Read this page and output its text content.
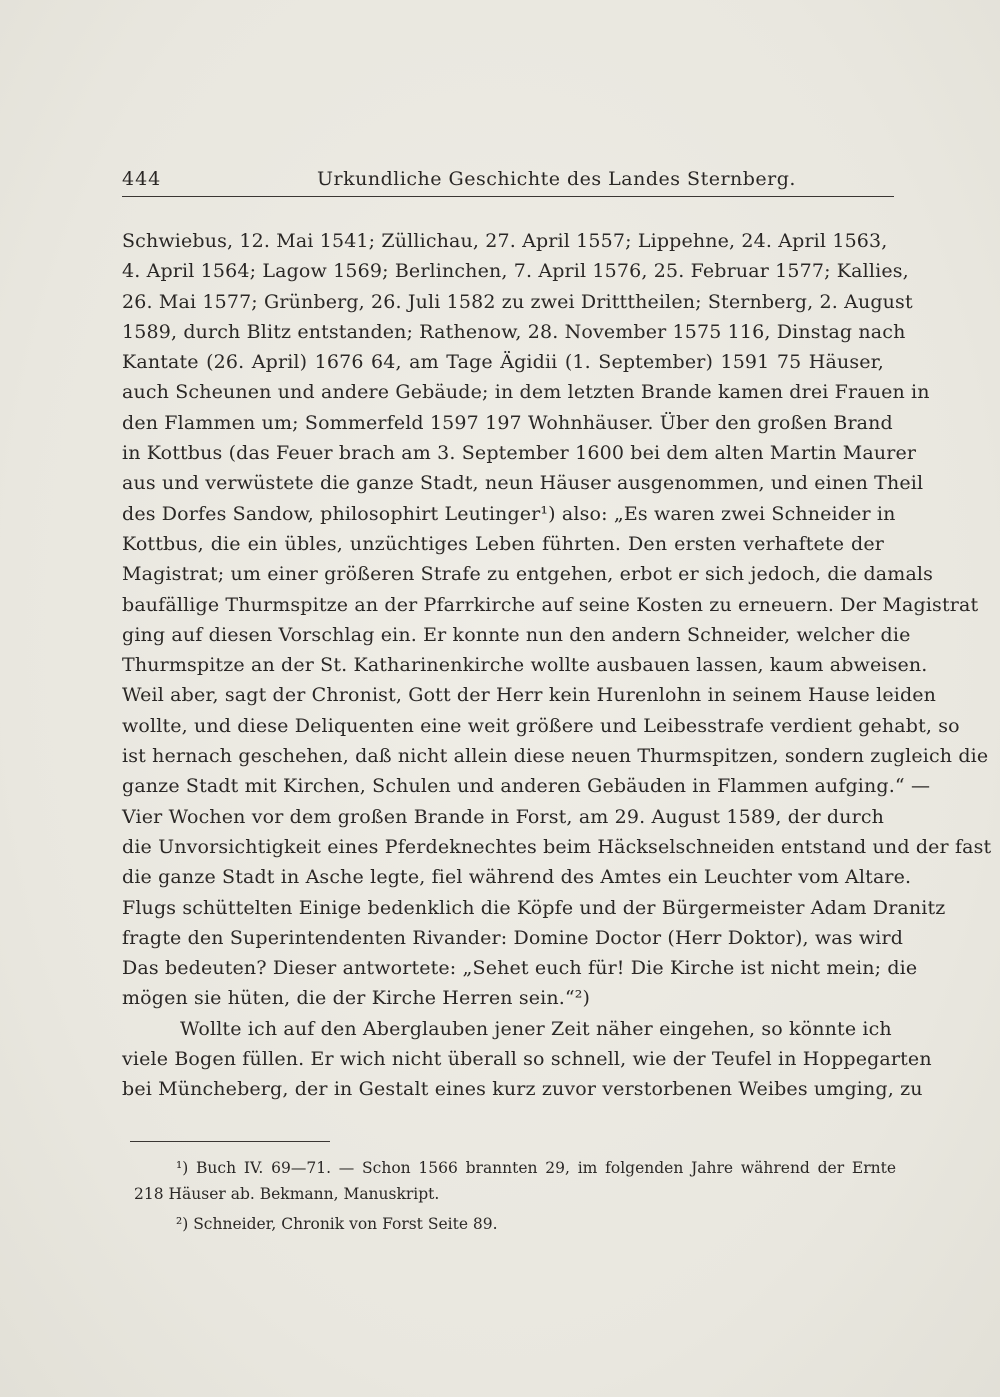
444	Urkundliche Geschichte des Landes Sternberg.
Schwiebus, 12. Mai 1541; Züllichau, 27. April 1557; Lippehne, 24. April 1563,
4. April 1564; Lagow 1569; Berlinchen, 7. April 1576, 25. Februar 1577; Kallies,
26. Mai 1577; Grünberg, 26. Juli 1582 zu zwei Dritttheilen; Sternberg, 2. August
1589, durch Blitz entstanden; Rathenow, 28. November 1575 116, Dinstag nach
Kantate (26. April) 1676 64, am Tage Ägidii (1. September) 1591 75 Häuser,
auch Scheunen und andere Gebäude; in dem letzten Brande kamen drei Frauen in
den Flammen um; Sommerfeld 1597 197 Wohnhäuser. Über den großen Brand
in Kottbus (das Feuer brach am 3. September 1600 bei dem alten Martin Maurer
aus und verwüstete die ganze Stadt, neun Häuser ausgenommen, und einen Theil
des Dorfes Sandow, philosophirt Leutinger¹) also: „Es waren zwei Schneider in
Kottbus, die ein übles, unzüchtiges Leben führten. Den ersten verhaftete der
Magistrat; um einer größeren Strafe zu entgehen, erbot er sich jedoch, die damals
baufällige Thurmspitze an der Pfarrkirche auf seine Kosten zu erneuern. Der Magistrat
ging auf diesen Vorschlag ein. Er konnte nun den andern Schneider, welcher die
Thurmspitze an der St. Katharinenkirche wollte ausbauen lassen, kaum abweisen.
Weil aber, sagt der Chronist, Gott der Herr kein Hurenlohn in seinem Hause leiden
wollte, und diese Deliquenten eine weit größere und Leibesstrafe verdient gehabt, so
ist hernach geschehen, daß nicht allein diese neuen Thurmspitzen, sondern zugleich die
ganze Stadt mit Kirchen, Schulen und anderen Gebäuden in Flammen aufging.“ —
Vier Wochen vor dem großen Brande in Forst, am 29. August 1589, der durch
die Unvorsichtigkeit eines Pferdeknechtes beim Häckselschneiden entstand und der fast
die ganze Stadt in Asche legte, fiel während des Amtes ein Leuchter vom Altare.
Flugs schüttelten Einige bedenklich die Köpfe und der Bürgermeister Adam Dranitz
fragte den Superintendenten Rivander: Domine Doctor (Herr Doktor), was wird
Das bedeuten? Dieser antwortete: „Sehet euch für! Die Kirche ist nicht mein; die
mögen sie hüten, die der Kirche Herren sein.“²)
Wollte ich auf den Aberglauben jener Zeit näher eingehen, so könnte ich
viele Bogen füllen. Er wich nicht überall so schnell, wie der Teufel in Hoppegarten
bei Müncheberg, der in Gestalt eines kurz zuvor verstorbenen Weibes umging, zu
¹) Buch IV. 69—71. — Schon 1566 brannten 29, im folgenden Jahre während der Ernte
218 Häuser ab. Bekmann, Manuskript.
²) Schneider, Chronik von Forst Seite 89.
